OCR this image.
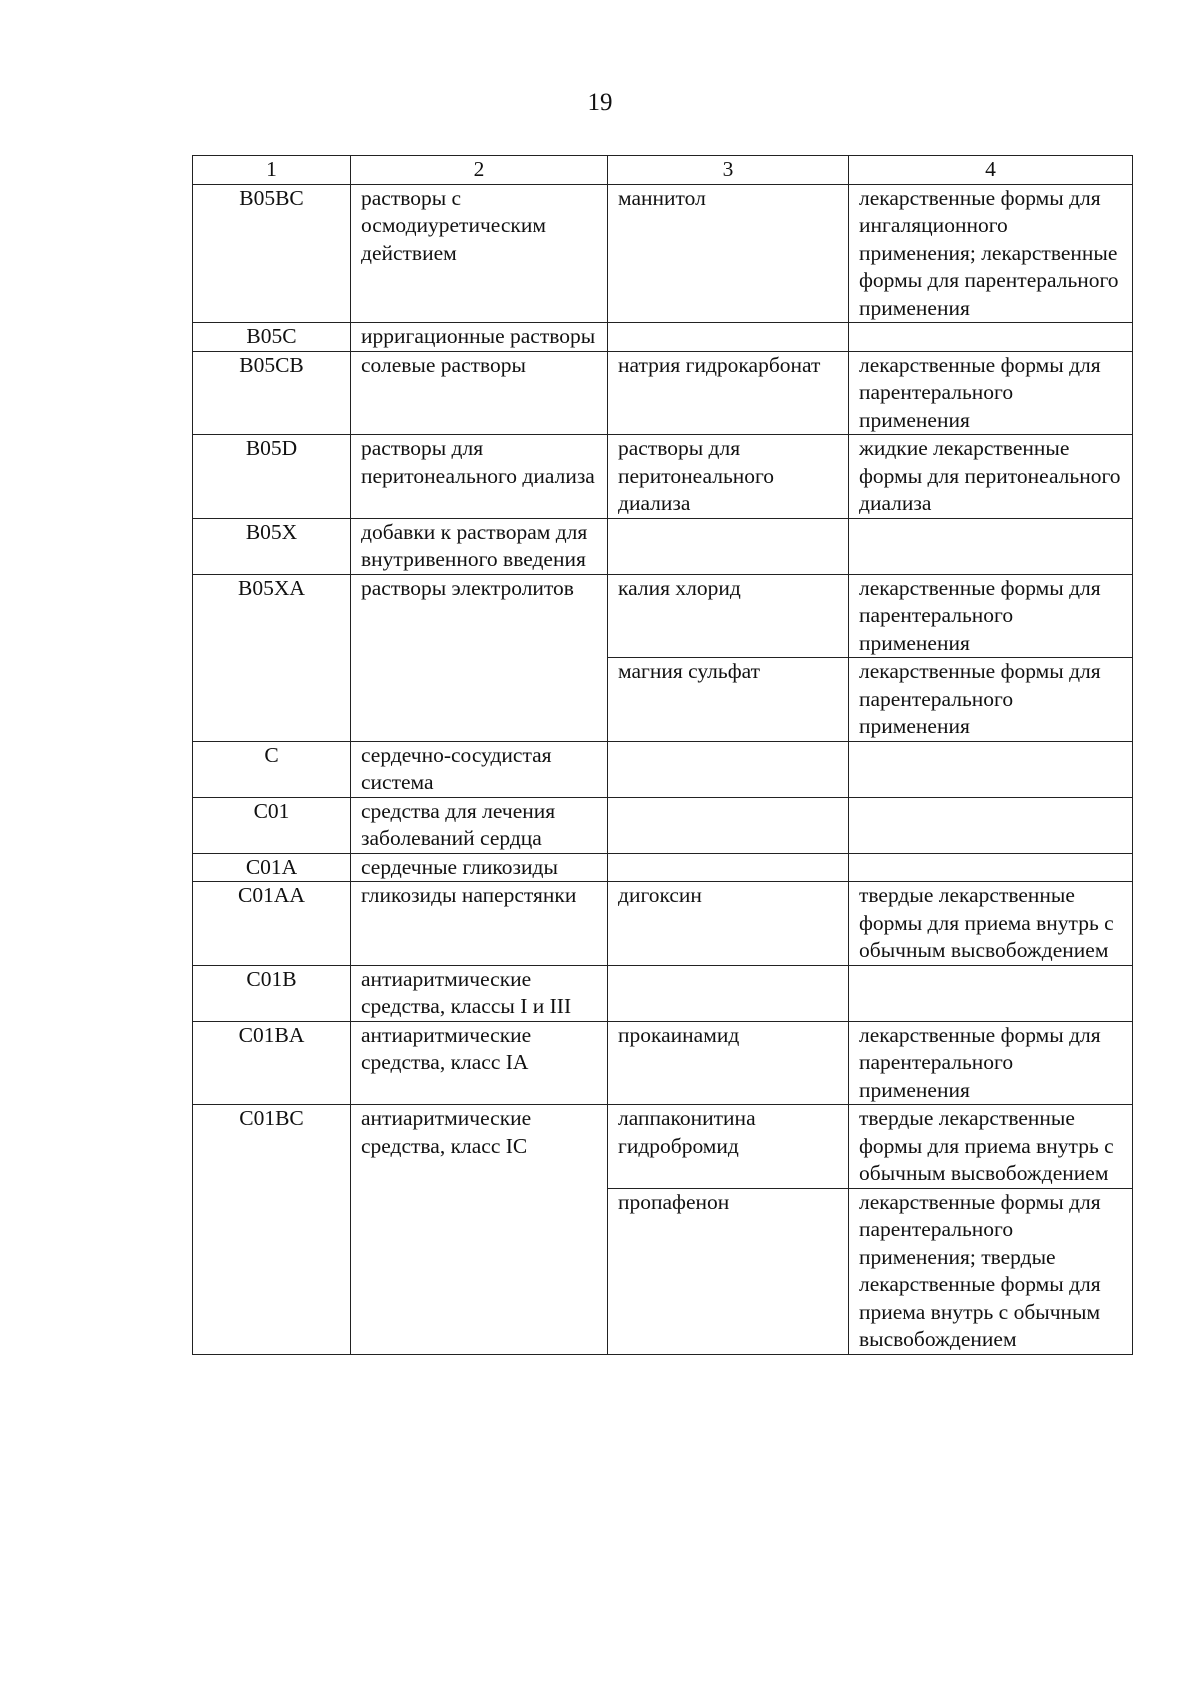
19
1	2	3	4
B05BC	растворы с осмодиуретическим действием	маннитол	лекарственные формы для ингаляционного применения; лекарственные формы для парентерального применения
B05C	ирригационные растворы		
B05CB	солевые растворы	натрия гидрокарбонат	лекарственные формы для парентерального применения
B05D	растворы для перитонеального диализа	растворы для перитонеального диализа	жидкие лекарственные формы для перитонеального диализа
B05X	добавки к растворам для внутривенного введения		
B05XA	растворы электролитов	калия хлорид	лекарственные формы для парентерального применения
		магния сульфат	лекарственные формы для парентерального применения
C	сердечно-сосудистая система		
C01	средства для лечения заболеваний сердца		
C01A	сердечные гликозиды		
C01AA	гликозиды наперстянки	дигоксин	твердые лекарственные формы для приема внутрь с обычным высвобождением
C01B	антиаритмические средства, классы I и III		
C01BA	антиаритмические средства, класс IA	прокаинамид	лекарственные формы для парентерального применения
C01BC	антиаритмические средства, класс IC	лаппаконитина гидробромид	твердые лекарственные формы для приема внутрь с обычным высвобождением
		пропафенон	лекарственные формы для парентерального применения; твердые лекарственные формы для приема внутрь с обычным высвобождением
